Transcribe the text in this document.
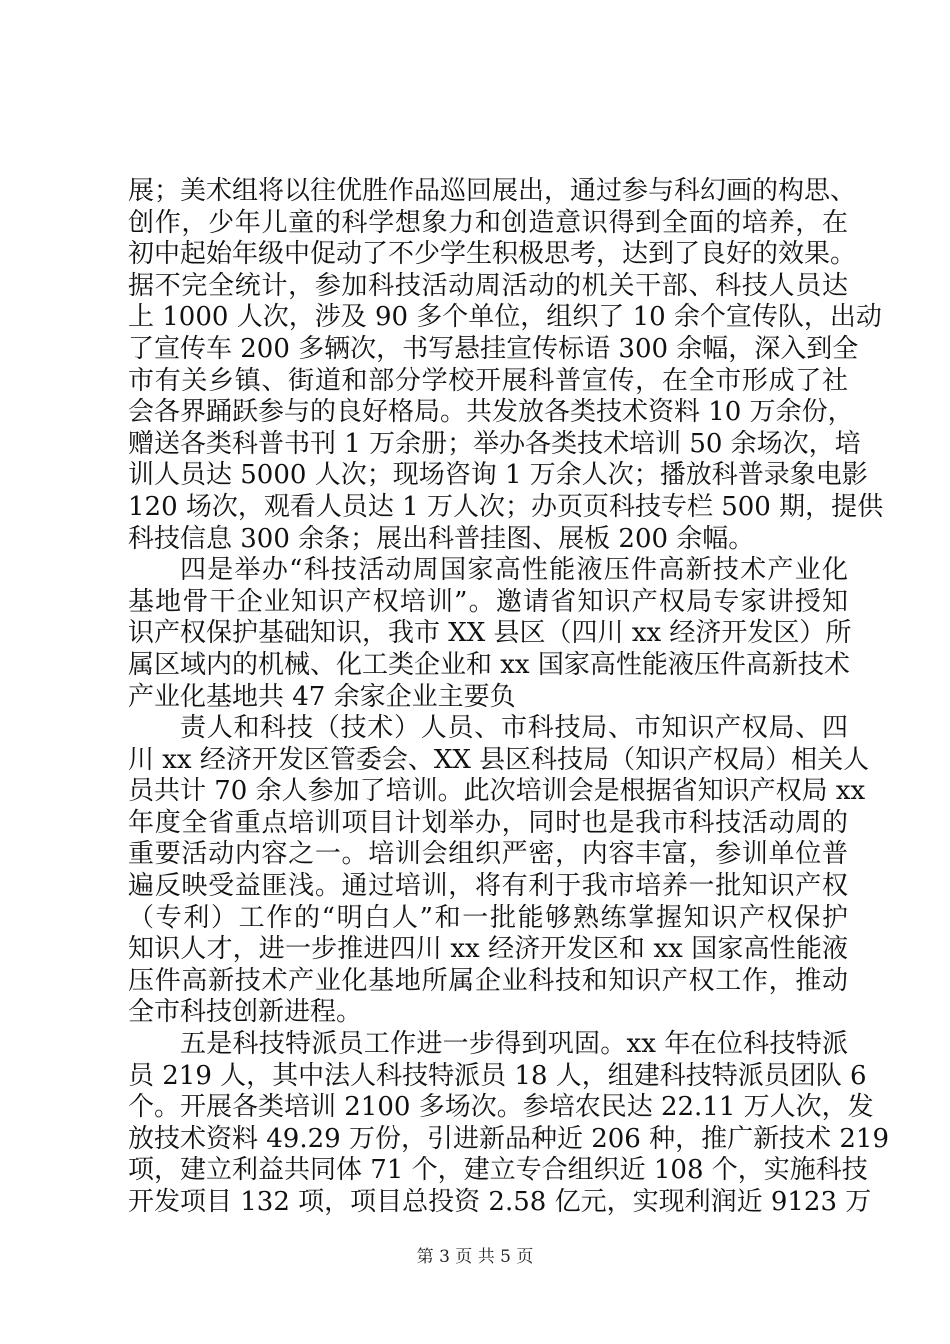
展；美术组将以往优胜作品巡回展出，通过参与科幻画的构思、
创作，少年儿童的科学想象力和创造意识得到全面的培养，在
初中起始年级中促动了不少学生积极思考，达到了良好的效果。
据不完全统计，参加科技活动周活动的机关干部、科技人员达
上 1000 人次，涉及 90 多个单位，组织了 10 余个宣传队，出动
了宣传车 200 多辆次，书写悬挂宣传标语 300 余幅，深入到全
市有关乡镇、街道和部分学校开展科普宣传，在全市形成了社
会各界踊跃参与的良好格局。共发放各类技术资料 10 万余份，
赠送各类科普书刊 1 万余册；举办各类技术培训 50 余场次，培
训人员达 5000 人次；现场咨询 1 万余人次；播放科普录象电影
120 场次，观看人员达 1 万人次；办页页科技专栏 500 期，提供
科技信息 300 余条；展出科普挂图、展板 200 余幅。
四是举办“科技活动周国家高性能液压件高新技术产业化
基地骨干企业知识产权培训”。邀请省知识产权局专家讲授知
识产权保护基础知识，我市 XX 县区（四川 xx 经济开发区）所
属区域内的机械、化工类企业和 xx 国家高性能液压件高新技术
产业化基地共 47 余家企业主要负
责人和科技（技术）人员、市科技局、市知识产权局、四
川 xx 经济开发区管委会、XX 县区科技局（知识产权局）相关人
员共计 70 余人参加了培训。此次培训会是根据省知识产权局 xx
年度全省重点培训项目计划举办，同时也是我市科技活动周的
重要活动内容之一。培训会组织严密，内容丰富，参训单位普
遍反映受益匪浅。通过培训，将有利于我市培养一批知识产权
（专利）工作的“明白人”和一批能够熟练掌握知识产权保护
知识人才，进一步推进四川 xx 经济开发区和 xx 国家高性能液
压件高新技术产业化基地所属企业科技和知识产权工作，推动
全市科技创新进程。
五是科技特派员工作进一步得到巩固。xx 年在位科技特派
员 219 人，其中法人科技特派员 18 人，组建科技特派员团队 6
个。开展各类培训 2100 多场次。参培农民达 22.11 万人次，发
放技术资料 49.29 万份，引进新品种近 206 种，推广新技术 219
项，建立利益共同体 71 个，建立专合组织近 108 个，实施科技
开发项目 132 项，项目总投资 2.58 亿元，实现利润近 9123 万
第 3 页 共 5 页
